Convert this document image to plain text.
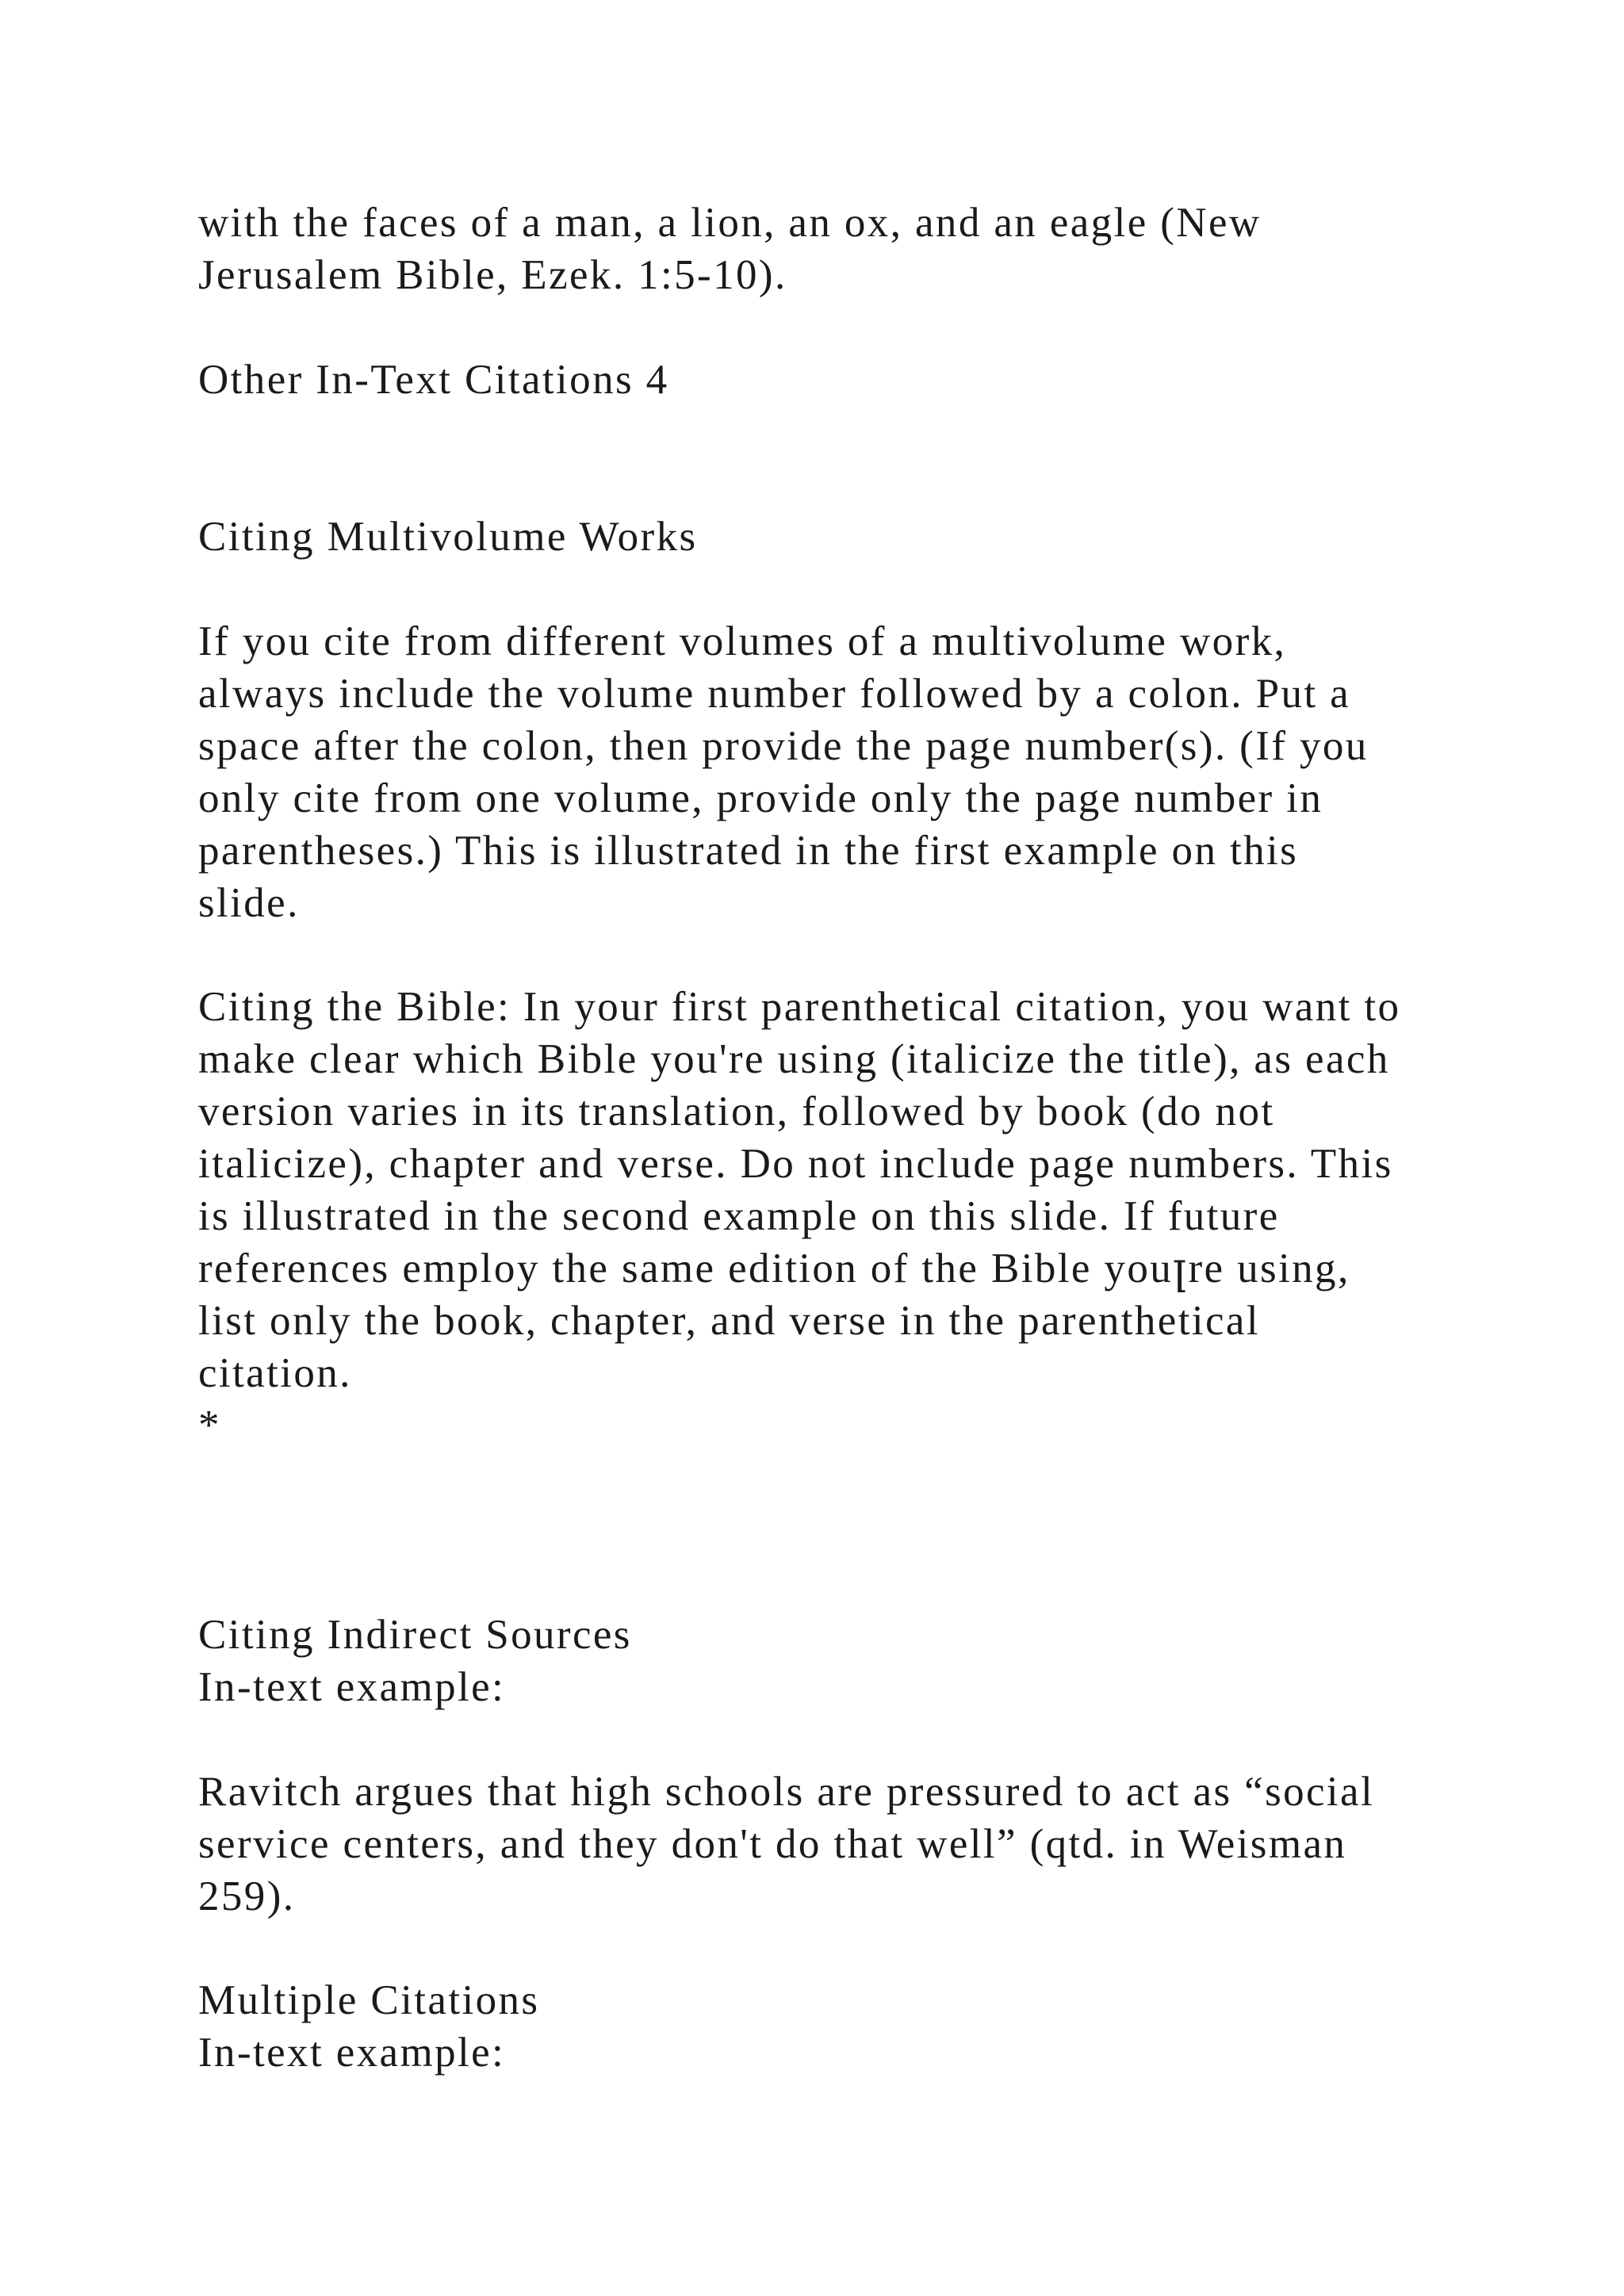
with the faces of a man, a lion, an ox, and an eagle (New
Jerusalem Bible, Ezek. 1:5-10).

Other In-Text Citations 4

Citing Multivolume Works

If you cite from different volumes of a multivolume work,
always include the volume number followed by a colon. Put a
space after the colon, then provide the page number(s). (If you
only cite from one volume, provide only the page number in
parentheses.) This is illustrated in the first example on this
slide.

Citing the Bible: In your first parenthetical citation, you want to
make clear which Bible you're using (italicize the title), as each
version varies in its translation, followed by book (do not
italicize), chapter and verse. Do not include page numbers. This
is illustrated in the second example on this slide. If future
references employ the same edition of the Bible youꞁre using,
list only the book, chapter, and verse in the parenthetical
citation.
*

Citing Indirect Sources
In-text example:

Ravitch argues that high schools are pressured to act as “social
service centers, and they don't do that well” (qtd. in Weisman
259).

Multiple Citations
In-text example:
